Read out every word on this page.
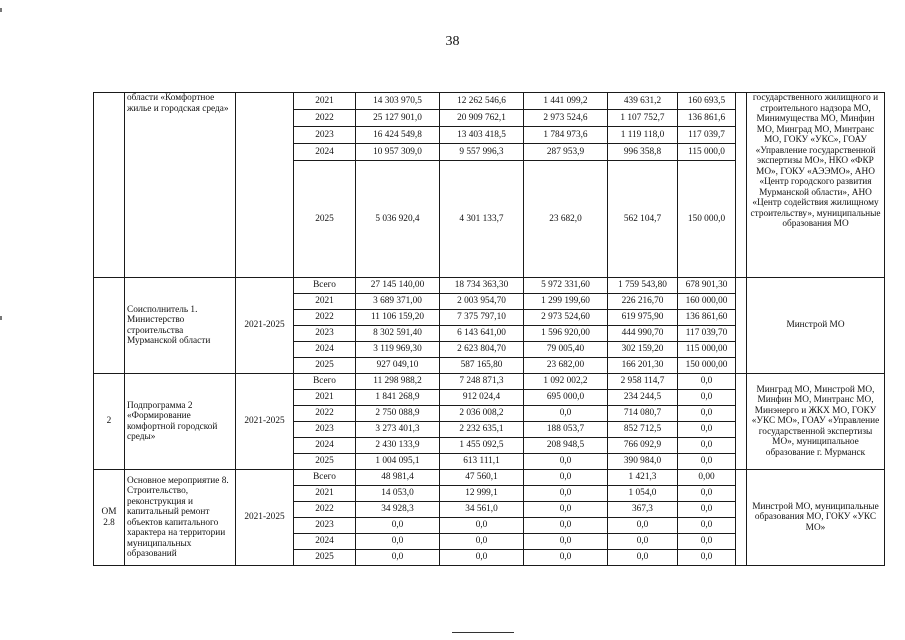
38
	области «Комфортное жилье и городская среда»		2021	14 303 970,5	12 262 546,6	1 441 099,2	439 631,2	160 693,5		государственного жилищного и строительного надзора МО, Минимущества МО, Минфин МО, Минград МО, Минтранс МО, ГОКУ «УКС», ГОАУ «Управление государственной экспертизы МО», НКО «ФКР МО», ГОКУ «АЭЭМО», АНО «Центр городского развития Мурманской области», АНО «Центр содействия жилищному строительству», муниципальные образования МО
			2022	25 127 901,0	20 909 762,1	2 973 524,6	1 107 752,7	136 861,6		
			2023	16 424 549,8	13 403 418,5	1 784 973,6	1 119 118,0	117 039,7		
			2024	10 957 309,0	9 557 996,3	287 953,9	996 358,8	115 000,0		
			2025	5 036 920,4	4 301 133,7	23 682,0	562 104,7	150 000,0		
	Соисполнитель 1. Министерство строительства Мурманской области	2021-2025	Всего	27 145 140,00	18 734 363,30	5 972 331,60	1 759 543,80	678 901,30		Минстрой МО
			2021	3 689 371,00	2 003 954,70	1 299 199,60	226 216,70	160 000,00		
			2022	11 106 159,20	7 375 797,10	2 973 524,60	619 975,90	136 861,60		
			2023	8 302 591,40	6 143 641,00	1 596 920,00	444 990,70	117 039,70		
			2024	3 119 969,30	2 623 804,70	79 005,40	302 159,20	115 000,00		
			2025	927 049,10	587 165,80	23 682,00	166 201,30	150 000,00		
2	Подпрограмма 2 «Формирование комфортной городской среды»	2021-2025	Всего	11 298 988,2	7 248 871,3	1 092 002,2	2 958 114,7	0,0		Минград МО, Минстрой МО, Минфин МО, Минтранс МО, Минэнерго и ЖКХ МО, ГОКУ «УКС МО», ГОАУ «Управление государственной экспертизы МО», муниципальное образование г. Мурманск
			2021	1 841 268,9	912 024,4	695 000,0	234 244,5	0,0		
			2022	2 750 088,9	2 036 008,2	0,0	714 080,7	0,0		
			2023	3 273 401,3	2 232 635,1	188 053,7	852 712,5	0,0		
			2024	2 430 133,9	1 455 092,5	208 948,5	766 092,9	0,0		
			2025	1 004 095,1	613 111,1	0,0	390 984,0	0,0		
ОМ 2.8	Основное мероприятие 8. Строительство, реконструкция и капитальный ремонт объектов капитального характера на территории муниципальных образований	2021-2025	Всего	48 981,4	47 560,1	0,0	1 421,3	0,00		Минстрой МО, муниципальные образования МО, ГОКУ «УКС МО»
			2021	14 053,0	12 999,1	0,0	1 054,0	0,0		
			2022	34 928,3	34 561,0	0,0	367,3	0,0		
			2023	0,0	0,0	0,0	0,0	0,0		
			2024	0,0	0,0	0,0	0,0	0,0		
			2025	0,0	0,0	0,0	0,0	0,0		
